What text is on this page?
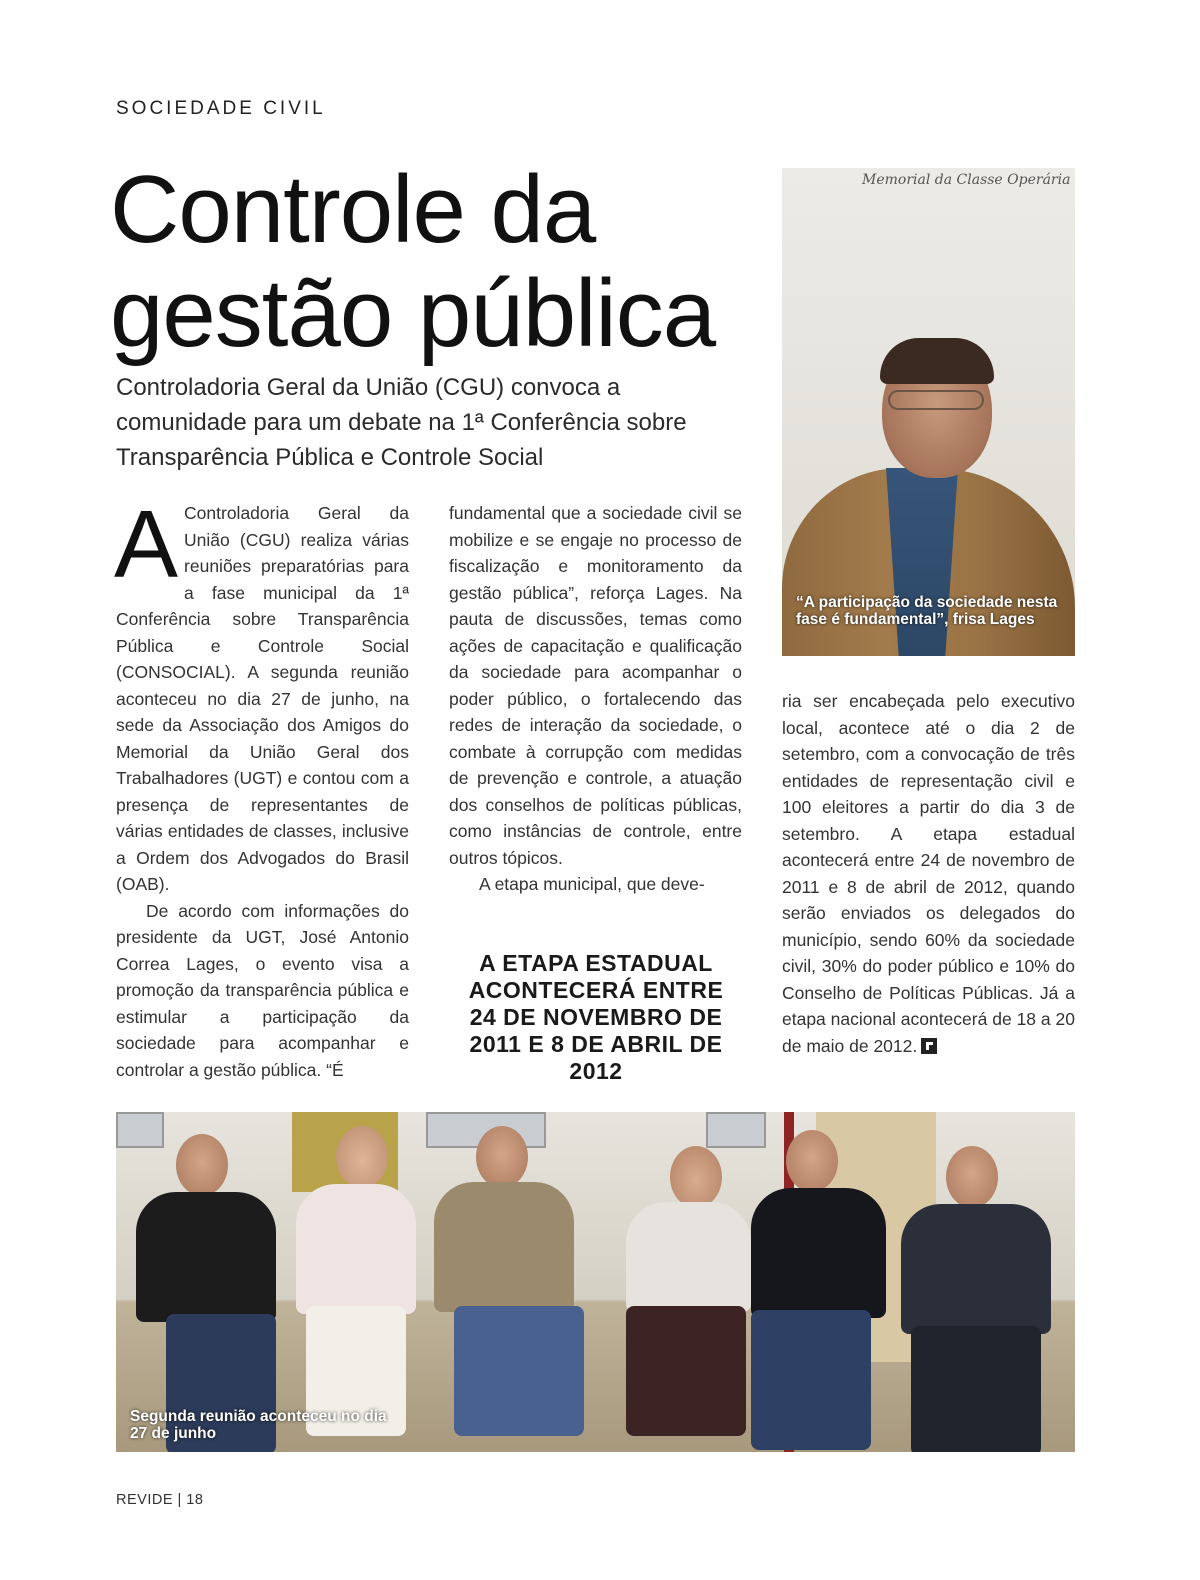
SOCIEDADE CIVIL
Controle da
gestão pública

Controladoria Geral da União (CGU) convoca a comunidade para um debate na 1ª Conferência sobre Transparência Pública e Controle Social

A Controladoria Geral da União (CGU) realiza várias reuniões preparatórias para a fase municipal da 1ª Conferência sobre Transparência Pública e Controle Social (CONSOCIAL). A segunda reunião aconteceu no dia 27 de junho, na sede da Associação dos Amigos do Memorial da União Geral dos Trabalhadores (UGT) e contou com a presença de representantes de várias entidades de classes, inclusive a Ordem dos Advogados do Brasil (OAB).

De acordo com informações do presidente da UGT, José Antonio Correa Lages, o evento visa a promoção da transparência pública e estimular a participação da sociedade para acompanhar e controlar a gestão pública. “É

fundamental que a sociedade civil se mobilize e se engaje no processo de fiscalização e monitoramento da gestão pública”, reforça Lages. Na pauta de discussões, temas como ações de capacitação e qualificação da sociedade para acompanhar o poder público, o fortalecendo das redes de interação da sociedade, o combate à corrupção com medidas de prevenção e controle, a atuação dos conselhos de políticas públicas, como instâncias de controle, entre outros tópicos.

A etapa municipal, que deve-

A ETAPA ESTADUAL ACONTECERÁ ENTRE 24 DE NOVEMBRO DE 2011 E 8 DE ABRIL DE 2012

ria ser encabeçada pelo executivo local, acontece até o dia 2 de setembro, com a convocação de três entidades de representação civil e 100 eleitores a partir do dia 3 de setembro. A etapa estadual acontecerá entre 24 de novembro de 2011 e 8 de abril de 2012, quando serão enviados os delegados do município, sendo 60% da sociedade civil, 30% do poder público e 10% do Conselho de Políticas Públicas. Já a etapa nacional acontecerá de 18 a 20 de maio de 2012.

Memorial da Classe Operária
“A participação da sociedade nesta fase é fundamental”, frisa Lages
Segunda reunião aconteceu no dia 27 de junho
REVIDE | 18
